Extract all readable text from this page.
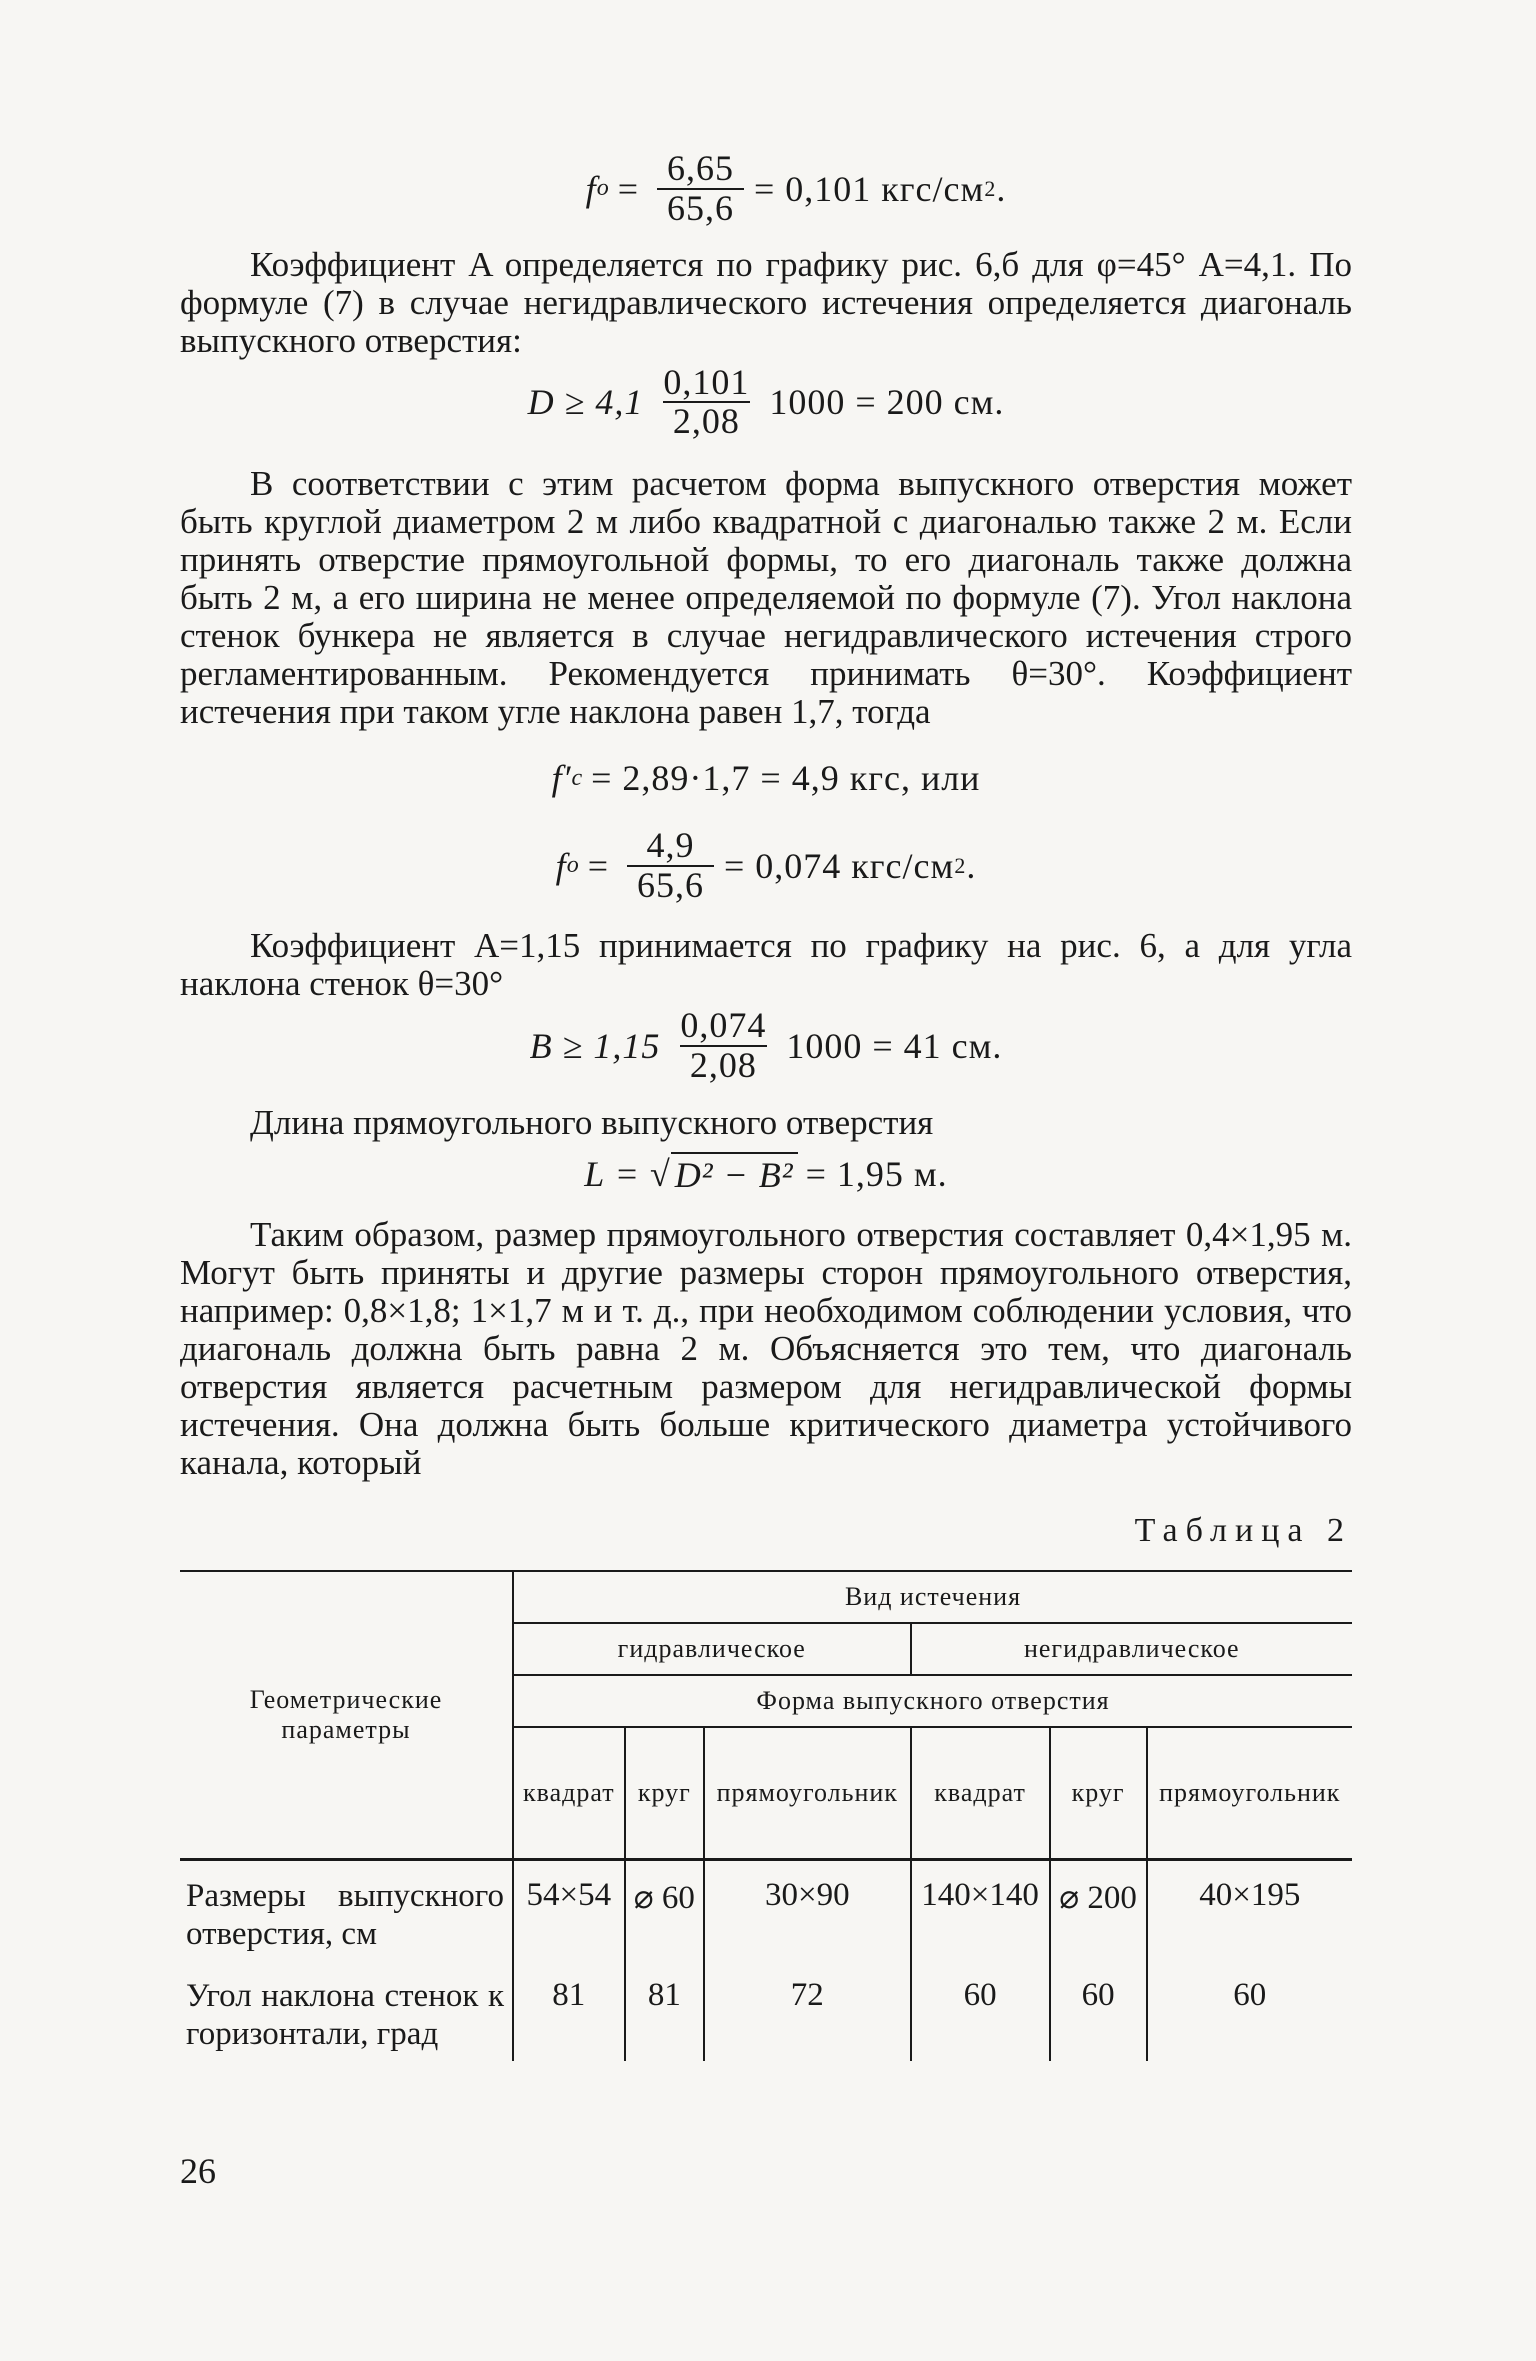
f $о = \frac{6,65}{65,6} = 0,101$ кгс/см 2 .

Коэффициент A определяется по графику рис. 6,б для φ=45° A=4,1. По формуле (7) в случае негидравлического истечения определяется диагональ выпускного отверстия:

$D \ge 4,1 \frac{0,101}{2,08} 1000 = 200$ см.

В соответствии с этим расчетом форма выпускного отверстия может быть круглой диаметром 2 м либо квадратной с диагональю также 2 м. Если принять отверстие прямоугольной формы, то его диагональ также должна быть 2 м, а его ширина не менее определяемой по формуле (7). Угол наклона стенок бункера не является в случае негидравлического истечения строго регламентированным. Рекомендуется принимать θ=30°. Коэффициент истечения при таком угле наклона равен 1,7, тогда

f′ с = 2,89·1,7 = 4,9 кгс, или
f $о = \frac{4,9}{65,6} = 0,074$ кгс/см 2 .

Коэффициент A=1,15 принимается по графику на рис. 6, а для угла наклона стенок θ=30°

$B \ge 1,15 \frac{0,074}{2,08} 1000 = 41$ см.

Длина прямоугольного выпускного отверстия

L = √ D² − B² = 1,95 м.

Таким образом, размер прямоугольного отверстия составляет 0,4×1,95 м. Могут быть приняты и другие размеры сторон прямоугольного отверстия, например: 0,8×1,8; 1×1,7 м и т. д., при необходимом соблюдении условия, что диагональ должна быть равна 2 м. Объясняется это тем, что диагональ отверстия является расчетным размером для негидравлической формы истечения. Она должна быть больше критического диаметра устойчивого канала, который

Таблица 2
Геометрические параметры	Вид истечения					
	гидравлическое			негидравлическое		
	Форма выпускного отверстия					
	квадрат	круг	прямоугольник	квадрат	круг	прямоугольник
Размеры выпускного отверстия, см	54×54	⌀ 60	30×90	140×140	⌀ 200	40×195
Угол наклона стенок к горизонтали, град	81	81	72	60	60	60
26
